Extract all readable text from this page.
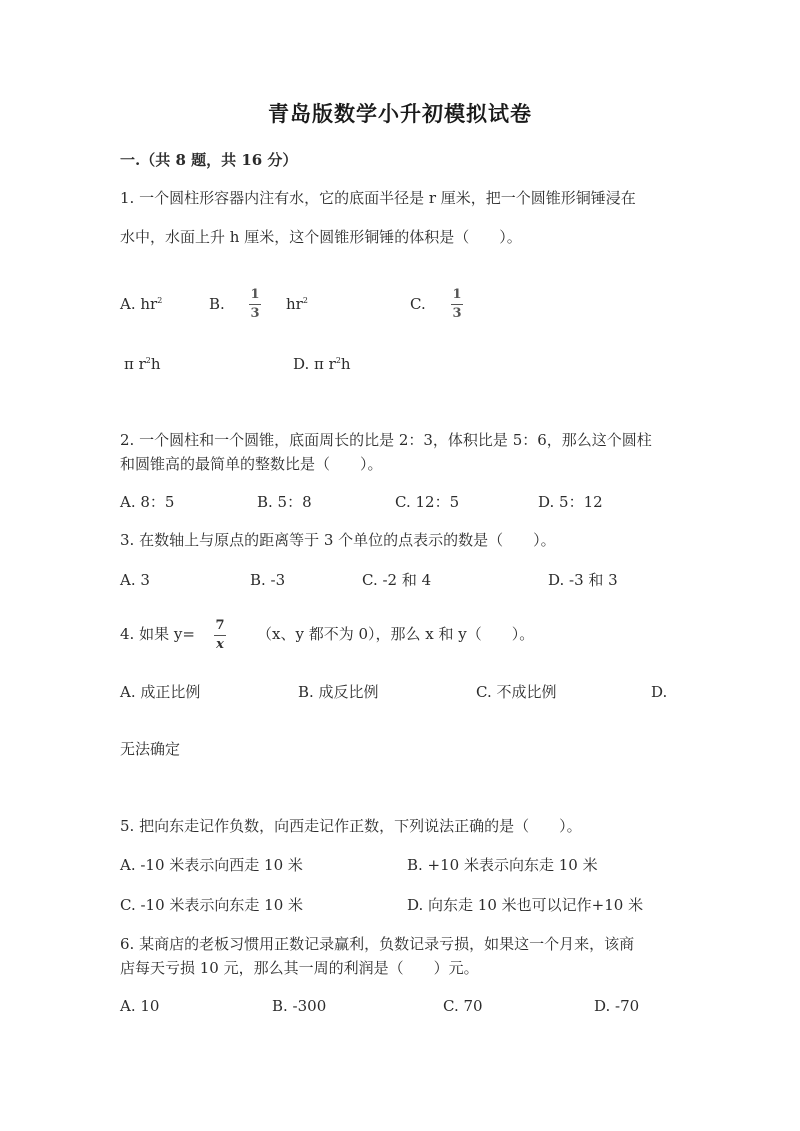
青岛版数学小升初模拟试卷
一.（共 8 题，共 16 分）
1. 一个圆柱形容器内注有水，它的底面半径是 r 厘米，把一个圆锥形铜锤浸在
水中，水面上升 h 厘米，这个圆锥形铜锤的体积是（　　）。
A. $hr^2$	B.
1
3
$hr^2$	C.
1
3
π $r^2h$	D. π $r^2h$
2. 一个圆柱和一个圆锥，底面周长的比是 2：3，体积比是 5：6，那么这个圆柱
和圆锥高的最简单的整数比是（　　）。
A. 8：5	B. 5：8	C. 12：5	D. 5：12
3. 在数轴上与原点的距离等于 3 个单位的点表示的数是（　　）。
A. 3	B. -3	C. -2 和 4	D. -3 和 3
4. 如果 y= 7
x
（x、y 都不为 0），那么 x 和 y（　　）。
A. 成正比例	B. 成反比例	C. 不成比例	D.
无法确定
5. 把向东走记作负数，向西走记作正数，下列说法正确的是（　　）。
A. -10 米表示向西走 10 米	B. +10 米表示向东走 10 米
C. -10 米表示向东走 10 米	D. 向东走 10 米也可以记作+10 米
6. 某商店的老板习惯用正数记录赢利，负数记录亏损，如果这一个月来，该商
店每天亏损 10 元，那么其一周的利润是（　　）元。
A. 10	B. -300	C. 70	D. -70
